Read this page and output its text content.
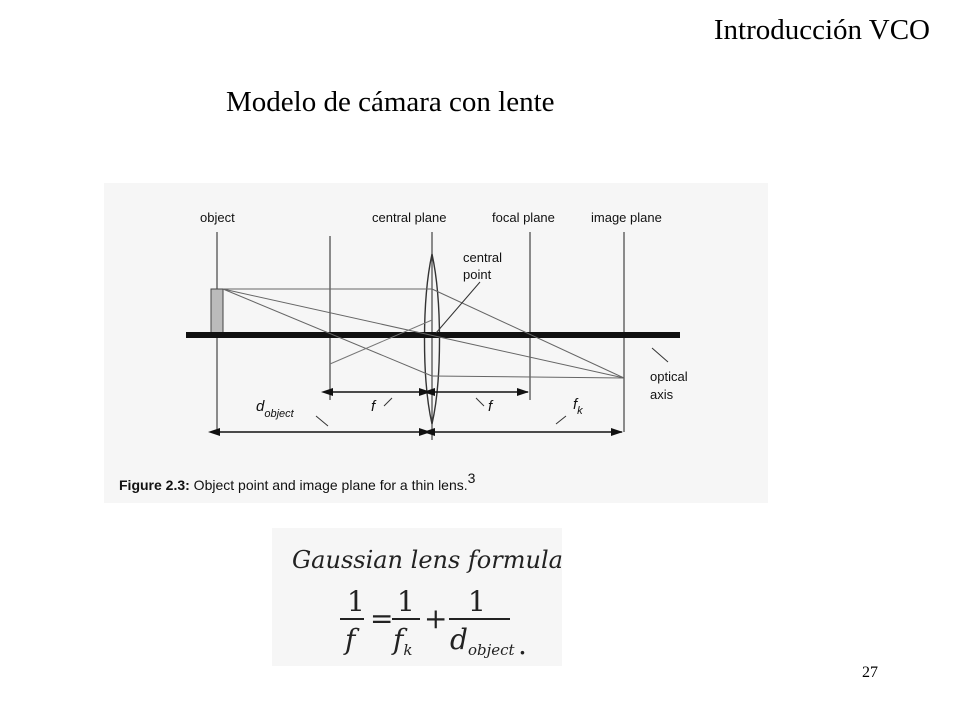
Introducción VCO
Modelo de cámara con lente
object	central plane	focal plane	image plane
central
point
optical
axis
$d_{object}$	f	f	$f_k$
Figure 2.3: Object point and image plane for a thin lens.3
Gaussian lens formula
1
f
=
1
$f_k$
+
1
$d_{object}$ .
27
